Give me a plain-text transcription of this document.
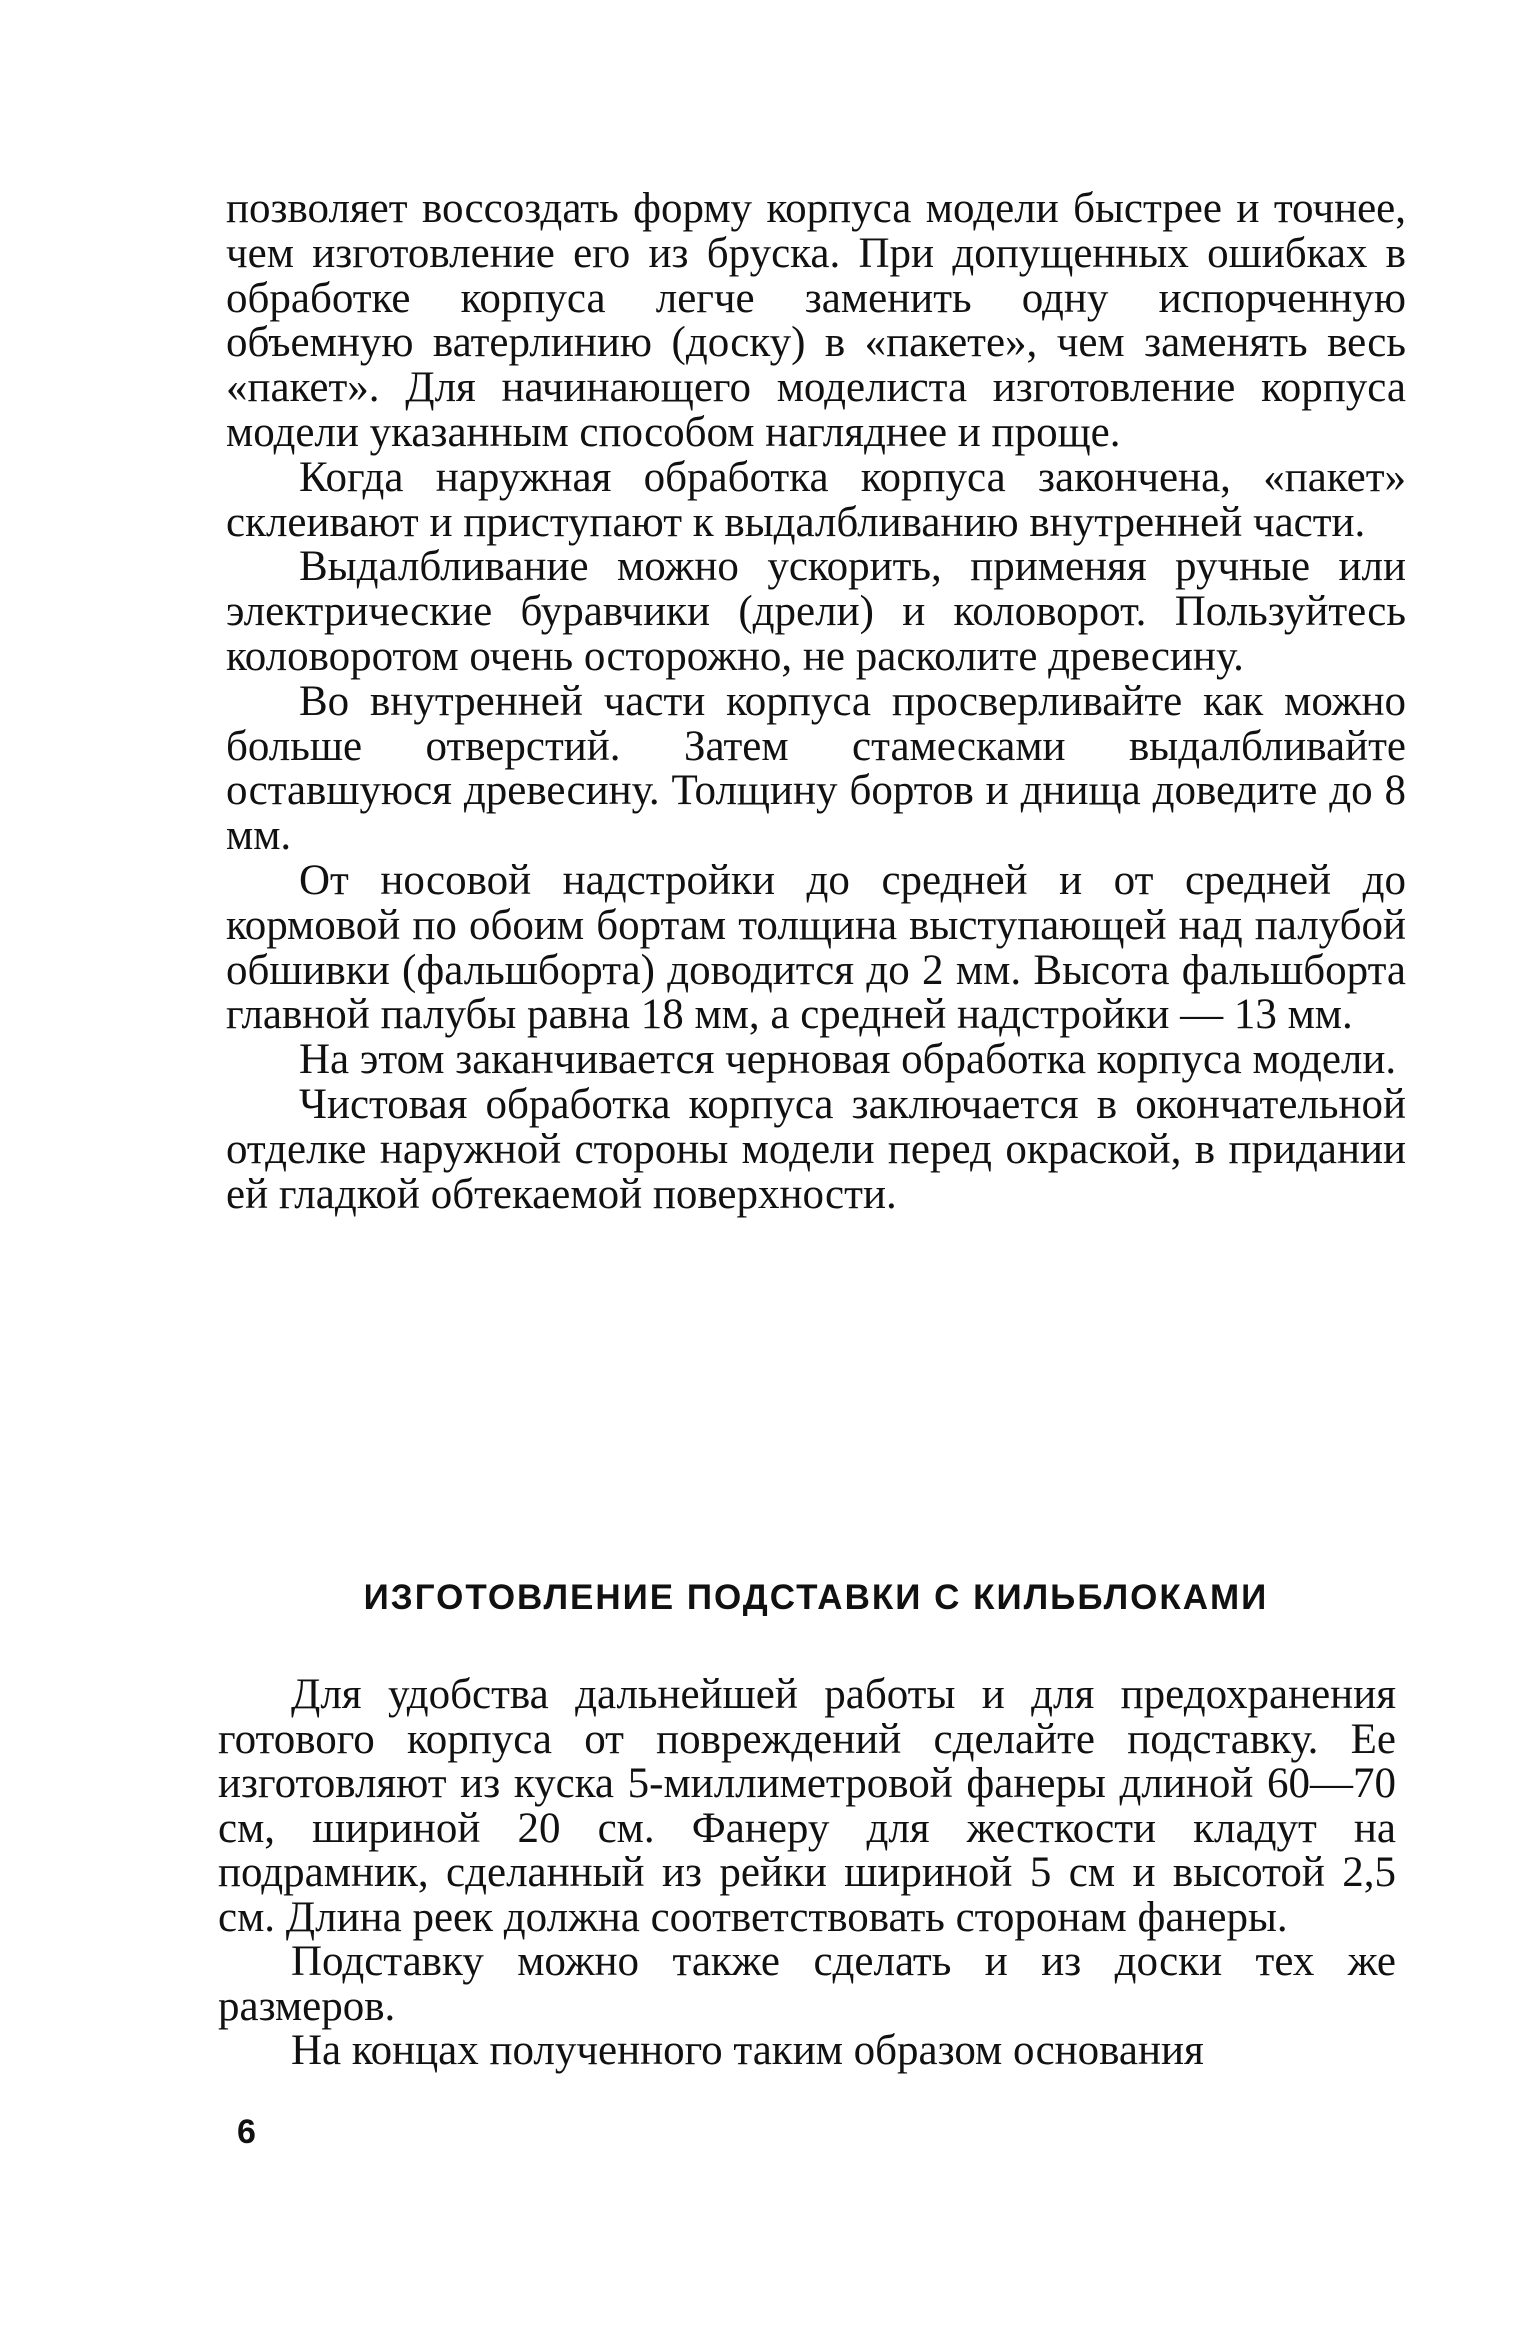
позволяет воссоздать форму корпуса модели быстрее и точнее, чем изготовление его из бруска. При допущенных ошибках в обработке корпуса легче заменить одну испорченную объемную ватерлинию (доску) в «пакете», чем заменять весь «пакет». Для начинающего моделиста изготовление корпуса модели указанным способом нагляднее и проще.

Когда наружная обработка корпуса закончена, «пакет» склеивают и приступают к выдалбливанию внутренней части.

Выдалбливание можно ускорить, применяя ручные или электрические буравчики (дрели) и коловорот. Пользуйтесь коловоротом очень осторожно, не расколите древесину.

Во внутренней части корпуса просверливайте как можно больше отверстий. Затем стамесками выдалбливайте оставшуюся древесину. Толщину бортов и днища доведите до 8 мм.

От носовой надстройки до средней и от средней до кормовой по обоим бортам толщина выступающей над палубой обшивки (фальшборта) доводится до 2 мм. Высота фальшборта главной палубы равна 18 мм, а средней надстройки — 13 мм.

На этом заканчивается черновая обработка корпуса модели.

Чистовая обработка корпуса заключается в окончательной отделке наружной стороны модели перед окраской, в придании ей гладкой обтекаемой поверхности.

ИЗГОТОВЛЕНИЕ ПОДСТАВКИ С КИЛЬБЛОКАМИ

Для удобства дальнейшей работы и для предохранения готового корпуса от повреждений сделайте подставку. Ее изготовляют из куска 5-миллиметровой фанеры длиной 60—70 см, шириной 20 см. Фанеру для жесткости кладут на подрамник, сделанный из рейки шириной 5 см и высотой 2,5 см. Длина реек должна соответствовать сторонам фанеры.

Подставку можно также сделать и из доски тех же размеров.

На концах полученного таким образом основания

6
